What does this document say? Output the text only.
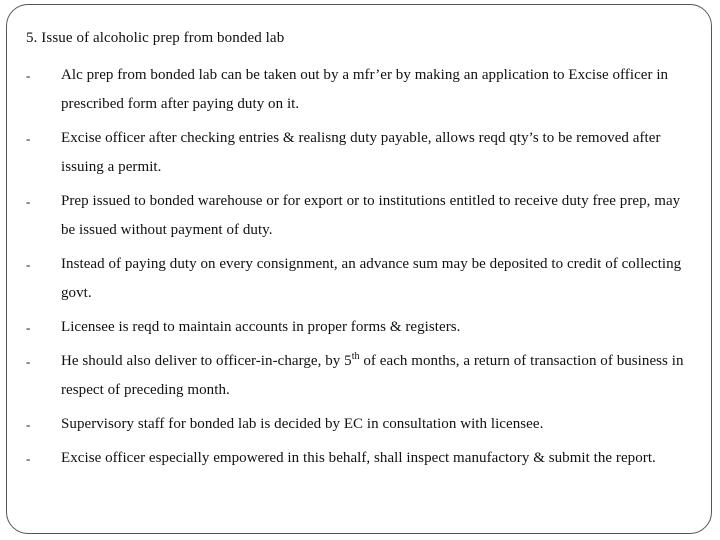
5. Issue of alcoholic prep from bonded lab
-	Alc prep from bonded lab can be taken out by a mfr’er by making an application to Excise officer in prescribed form after paying duty on it.
-	Excise officer after checking entries & realisng duty payable, allows reqd qty’s to be removed after issuing a permit.
-	Prep issued to bonded warehouse or for export or to institutions entitled to receive duty free prep, may be issued without payment of duty.
-	Instead of paying duty on every consignment, an advance sum may be deposited to credit of collecting govt.
-	Licensee is reqd to maintain accounts in proper forms & registers.
-	He should also deliver to officer-in-charge, by 5th of each months, a return of transaction of business in respect of preceding month.
-	Supervisory staff for bonded lab is decided by EC in consultation with licensee.
-	Excise officer especially empowered in this behalf, shall inspect manufactory & submit the report.
